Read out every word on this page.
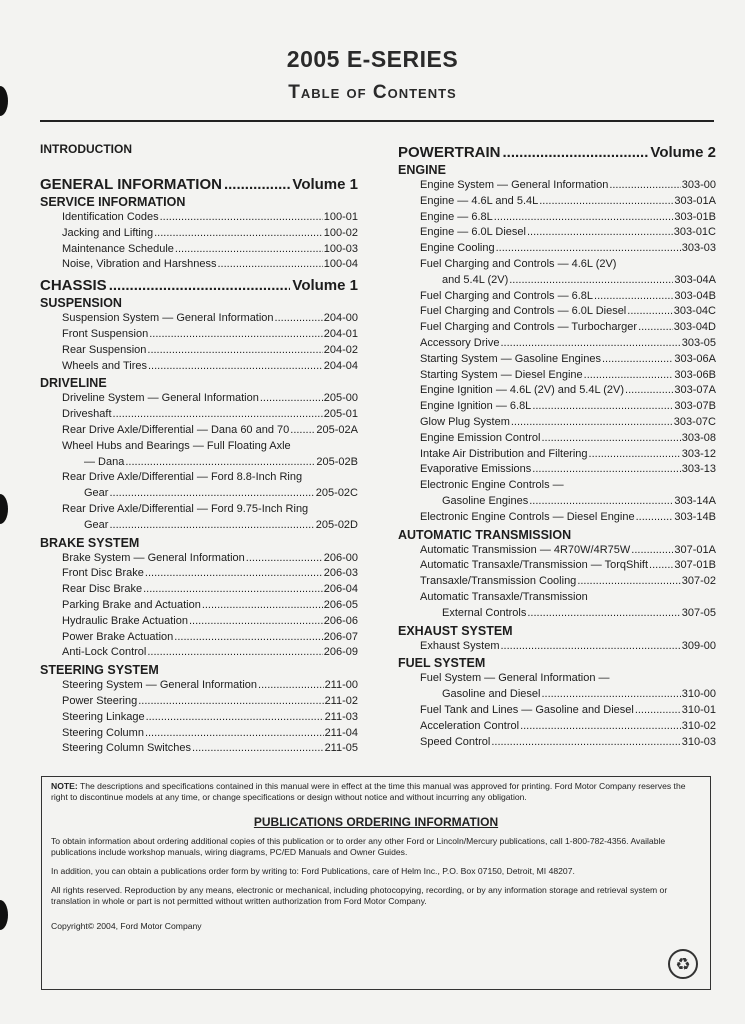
2005 E-SERIES
Table of Contents
INTRODUCTION
GENERAL INFORMATION .....	Volume 1
SERVICE INFORMATION
Identification Codes .....	100-01
Jacking and Lifting .....	100-02
Maintenance Schedule .....	100-03
Noise, Vibration and Harshness .....	100-04
CHASSIS .....	Volume 1
SUSPENSION
Suspension System — General Information .....	204-00
Front Suspension .....	204-01
Rear Suspension .....	204-02
Wheels and Tires .....	204-04
DRIVELINE
Driveline System — General Information .....	205-00
Driveshaft .....	205-01
Rear Drive Axle/Differential — Dana 60 and 70 ..... 205-02A
Wheel Hubs and Bearings — Full Floating Axle
— Dana .....	205-02B
Rear Drive Axle/Differential — Ford 8.8-Inch Ring
Gear .....	205-02C
Rear Drive Axle/Differential — Ford 9.75-Inch Ring
Gear .....	205-02D
BRAKE SYSTEM
Brake System — General Information .....	206-00
Front Disc Brake .....	206-03
Rear Disc Brake .....	206-04
Parking Brake and Actuation .....	206-05
Hydraulic Brake Actuation .....	206-06
Power Brake Actuation .....	206-07
Anti-Lock Control .....	206-09
STEERING SYSTEM
Steering System — General Information .....	211-00
Power Steering .....	211-02
Steering Linkage .....	211-03
Steering Column .....	211-04
Steering Column Switches .....	211-05
POWERTRAIN .....	Volume 2
ENGINE
Engine System — General Information .....	303-00
Engine — 4.6L and 5.4L .....	303-01A
Engine — 6.8L .....	303-01B
Engine — 6.0L Diesel .....	303-01C
Engine Cooling .....	303-03
Fuel Charging and Controls — 4.6L (2V)
and 5.4L (2V) .....	303-04A
Fuel Charging and Controls — 6.8L .....	303-04B
Fuel Charging and Controls — 6.0L Diesel .....	303-04C
Fuel Charging and Controls — Turbocharger .....	303-04D
Accessory Drive .....	303-05
Starting System — Gasoline Engines .....	303-06A
Starting System — Diesel Engine .....	303-06B
Engine Ignition — 4.6L (2V) and 5.4L (2V) .....	303-07A
Engine Ignition — 6.8L .....	303-07B
Glow Plug System .....	303-07C
Engine Emission Control .....	303-08
Intake Air Distribution and Filtering .....	303-12
Evaporative Emissions .....	303-13
Electronic Engine Controls —
Gasoline Engines .....	303-14A
Electronic Engine Controls — Diesel Engine .....	303-14B
AUTOMATIC TRANSMISSION
Automatic Transmission — 4R70W/4R75W .....	307-01A
Automatic Transaxle/Transmission — TorqShift ..... 307-01B
Transaxle/Transmission Cooling .....	307-02
Automatic Transaxle/Transmission
External Controls .....	307-05
EXHAUST SYSTEM
Exhaust System .....	309-00
FUEL SYSTEM
Fuel System — General Information —
Gasoline and Diesel .....	310-00
Fuel Tank and Lines — Gasoline and Diesel .....	310-01
Acceleration Control .....	310-02
Speed Control .....	310-03

NOTE: The descriptions and specifications contained in this manual were in effect at the time this manual was approved for printing. Ford Motor Company reserves the right to discontinue models at any time, or change specifications or design without notice and without incurring any obligation.

PUBLICATIONS ORDERING INFORMATION

To obtain information about ordering additional copies of this publication or to order any other Ford or Lincoln/Mercury publications, call 1-800-782-4356. Available publications include workshop manuals, wiring diagrams, PC/ED Manuals and Owner Guides.

In addition, you can obtain a publications order form by writing to: Ford Publications, care of Helm Inc., P.O. Box 07150, Detroit, MI 48207.

All rights reserved. Reproduction by any means, electronic or mechanical, including photocopying, recording, or by any information storage and retrieval system or translation in whole or part is not permitted without written authorization from Ford Motor Company.

Copyright© 2004, Ford Motor Company

♻
